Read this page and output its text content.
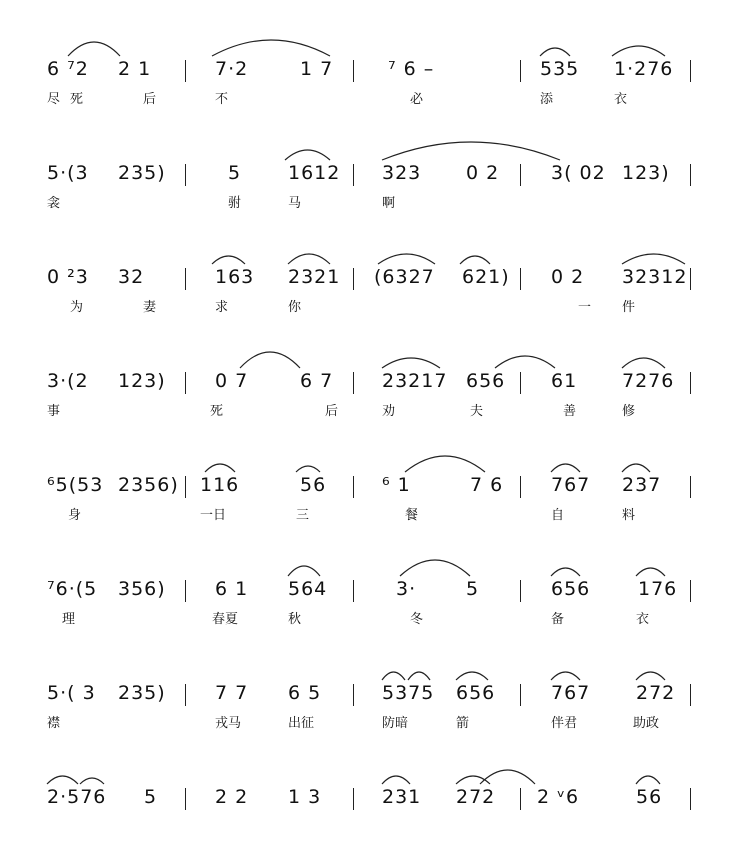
6 ⁷2 2 1	7·2	1 7	⁷ 6 –	535 1·276
尽 死	后	不	必	添	衣
5·(3 235)	5 1612 323 0 2	3( 02 123)
衾	驸	马	啊
0 ²3 32	163 2321 (6327 621) 0 2 32312
为	妻	求	你	一 件
3·(2 123)	0 7	6 7	23217 656 61 7276
事	死	后	劝	夫	善	修
⁶5(53 2356) 116	56	⁶ 1	7 6	767 237
身	一日	三	餐	自	料
⁷6·(5 356)	6 1 564	3·	5	656	176
理	春夏	秋	冬	备	衣
5·( 3 235)	7 7 6 5	5375 656	767 272
襟	戎马	出征	防暗	箭	伴君	助政
2·576 5	2 2 1 3	231 272 2 ᵛ6	56
